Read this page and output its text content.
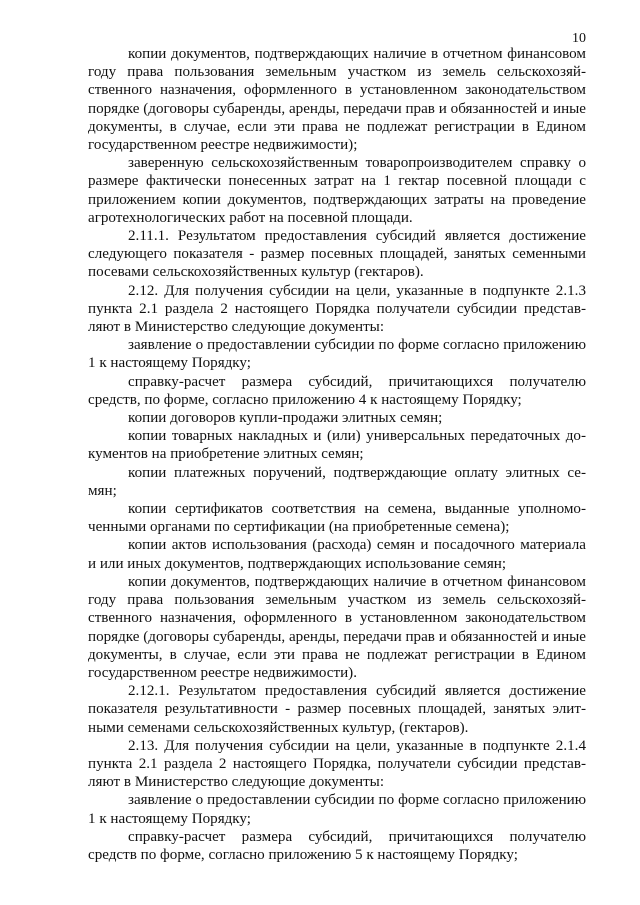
10

копии документов, подтверждающих наличие в отчетном финансовом году права пользования земельным участком из земель сельскохозяйственного назначения, оформленного в установленном законодательством порядке (договоры субаренды, аренды, передачи прав и обязанностей и иные документы, в случае, если эти права не подлежат регистрации в Едином государственном реестре недвижимости);

заверенную сельскохозяйственным товаропроизводителем справку о размере фактически понесенных затрат на 1 гектар посевной площади с приложением копии документов, подтверждающих затраты на проведение агротехнологических работ на посевной площади.

2.11.1. Результатом предоставления субсидий является достижение следующего показателя - размер посевных площадей, занятых семенными посевами сельскохозяйственных культур (гектаров).

2.12. Для получения субсидии на цели, указанные в подпункте 2.1.3 пункта 2.1 раздела 2 настоящего Порядка получатели субсидии представляют в Министерство следующие документы:

заявление о предоставлении субсидии по форме согласно приложению 1 к настоящему Порядку;

справку-расчет размера субсидий, причитающихся получателю средств, по форме, согласно приложению 4 к настоящему Порядку;

копии договоров купли-продажи элитных семян;

копии товарных накладных и (или) универсальных передаточных документов на приобретение элитных семян;

копии платежных поручений, подтверждающие оплату элитных семян;

копии сертификатов соответствия на семена, выданные уполномоченными органами по сертификации (на приобретенные семена);

копии актов использования (расхода) семян и посадочного материала и или иных документов, подтверждающих использование семян;

копии документов, подтверждающих наличие в отчетном финансовом году права пользования земельным участком из земель сельскохозяйственного назначения, оформленного в установленном законодательством порядке (договоры субаренды, аренды, передачи прав и обязанностей и иные документы, в случае, если эти права не подлежат регистрации в Едином государственном реестре недвижимости).

2.12.1. Результатом предоставления субсидий является достижение показателя результативности - размер посевных площадей, занятых элитными семенами сельскохозяйственных культур, (гектаров).

2.13. Для получения субсидии на цели, указанные в подпункте 2.1.4 пункта 2.1 раздела 2 настоящего Порядка, получатели субсидии представляют в Министерство следующие документы:

заявление о предоставлении субсидии по форме согласно приложению 1 к настоящему Порядку;

справку-расчет размера субсидий, причитающихся получателю средств по форме, согласно приложению 5 к настоящему Порядку;
